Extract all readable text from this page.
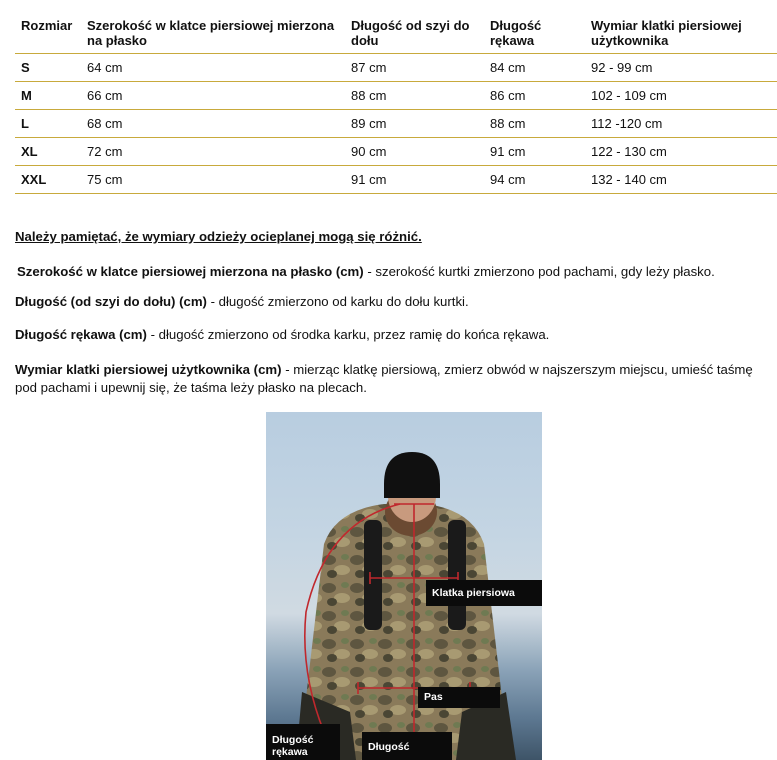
Rozmiar	Szerokość w klatce piersiowej mierzona na płasko	Długość od szyi do dołu	Długość rękawa	Wymiar klatki piersiowej użytkownika
S	64 cm	87 cm	84 cm	92 - 99 cm
M	66 cm	88 cm	86 cm	102 - 109 cm
L	68 cm	89 cm	88 cm	112 -120 cm
XL	72 cm	90 cm	91 cm	122 - 130 cm
XXL	75 cm	91 cm	94 cm	132 - 140 cm

Należy pamiętać, że wymiary odzieży ocieplanej mogą się różnić.

Szerokość w klatce piersiowej mierzona na płasko (cm) - szerokość kurtki zmierzono pod pachami, gdy leży płasko.

Długość (od szyi do dołu) (cm) - długość zmierzono od karku do dołu kurtki.

Długość rękawa (cm) - długość zmierzono od środka karku, przez ramię do końca rękawa.

Wymiar klatki piersiowej użytkownika (cm) - mierząc klatkę piersiową, zmierz obwód w najszerszym miejscu, umieść taśmę pod pachami i upewnij się, że taśma leży płasko na plecach.

Klatka piersiowa
Pas
Długość rękawa	Długość
